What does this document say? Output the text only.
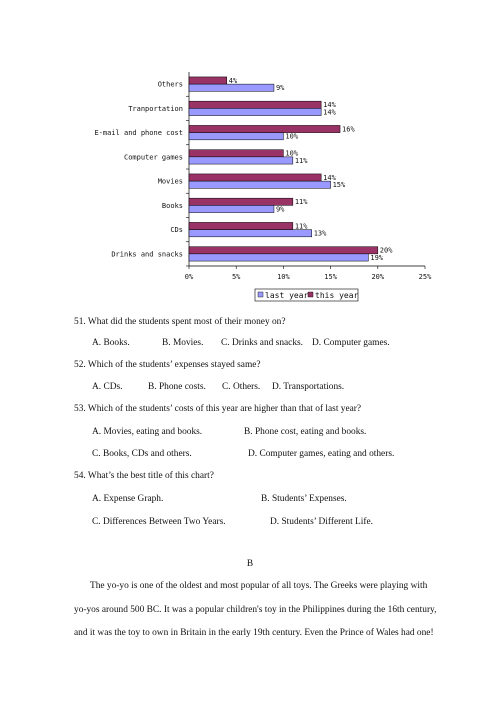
0%	5%	10%	15%	20%	25%
Others	4%
9%
Tranportation	14%
14%
E-mail and phone cost	16%
10%
Computer games	10%
11%
Movies	14%
15%
Books	11%
9%
CDs	11%
13%
Drinks and snacks	20%
19%
last year this year
51. What did the students spent most of their money on?
A. Books.	B. Movies. C. Drinks and snacks. D. Computer games.
52. Which of the students’ expenses stayed same?
A. CDs.	B. Phone costs. C. Others. D. Transportations.
53. Which of the students’ costs of this year are higher than that of last year?
A. Movies, eating and books.	B. Phone cost, eating and books.
C. Books, CDs and others.	D. Computer games, eating and others.
54. What’s the best title of this chart?
A. Expense Graph.	B. Students’ Expenses.
C. Differences Between Two Years.	D. Students’ Different Life.
B
The yo-yo is one of the oldest and most popular of all toys. The Greeks were playing with
yo-yos around 500 BC. It was a popular children's toy in the Philippines during the 16th century,
and it was the toy to own in Britain in the early 19th century. Even the Prince of Wales had one!
